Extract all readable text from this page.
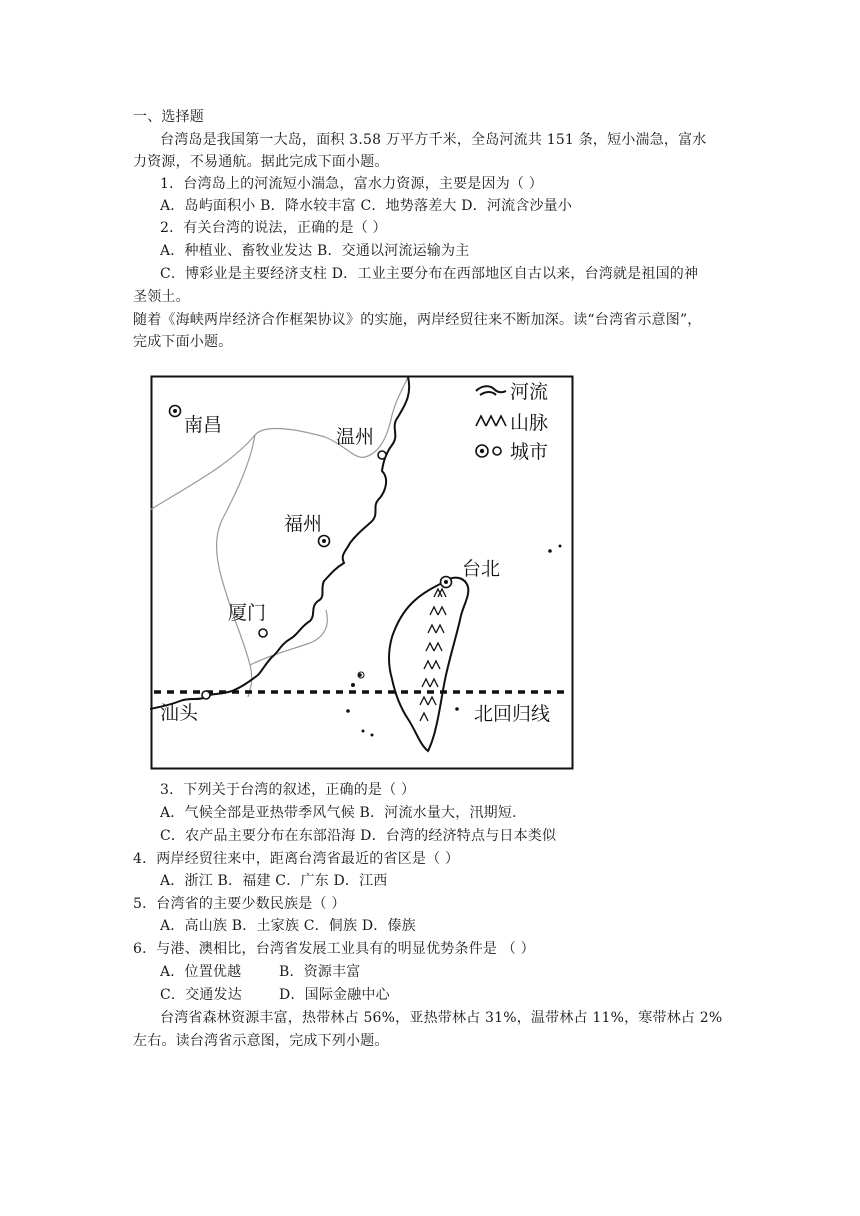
一、选择题
台湾岛是我国第一大岛，面积 3.58 万平方千米，全岛河流共 151 条，短小湍急，富水
力资源，不易通航。据此完成下面小题。
1．台湾岛上的河流短小湍急，富水力资源，主要是因为（ ）
A．岛屿面积小 B．降水较丰富 C．地势落差大 D．河流含沙量小
2．有关台湾的说法，正确的是（ ）
A．种植业、畜牧业发达 B．交通以河流运输为主
C．博彩业是主要经济支柱 D．工业主要分布在西部地区自古以来，台湾就是祖国的神
圣领土。
随着《海峡两岸经济合作框架协议》的实施，两岸经贸往来不断加深。读“台湾省示意图”，
完成下面小题。
南昌
温州
福州
厦门
汕头
台北
北回归线
河流
山脉
城市
3．下列关于台湾的叙述，正确的是（ ）
A．气候全部是亚热带季风气候 B．河流水量大，汛期短.
C．农产品主要分布在东部沿海 D．台湾的经济特点与日本类似
4．两岸经贸往来中，距离台湾省最近的省区是（ ）
A．浙江 B．福建 C．广东 D．江西
5．台湾省的主要少数民族是（ ）
A．高山族 B．土家族 C．侗族 D．傣族
6．与港、澳相比，台湾省发展工业具有的明显优势条件是 （ ）
A．位置优越	B．资源丰富
C．交通发达	D．国际金融中心
台湾省森林资源丰富，热带林占 56%，亚热带林占 31%，温带林占 11%，寒带林占 2%
左右。读台湾省示意图，完成下列小题。
